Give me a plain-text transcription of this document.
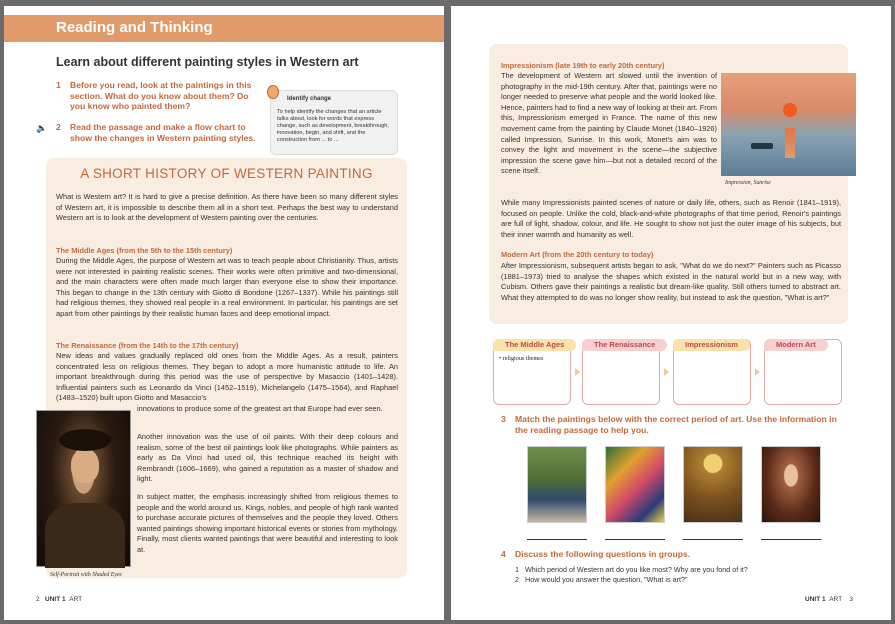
Reading and Thinking
Learn about different painting styles in Western art
1 Before you read, look at the paintings in this section. What do you know about them? Do you know who painted them?
🔈 2 Read the passage and make a flow chart to show the changes in Western painting styles.
Identify change
To help identify the changes that an article talks about, look for words that express change, such as development, breakthrough, innovation, begin, and shift, and the construction from ... to ...
A SHORT HISTORY OF WESTERN PAINTING
What is Western art? It is hard to give a precise definition. As there have been so many different styles of Western art, it is impossible to describe them all in a short text. Perhaps the best way to understand Western art is to look at the development of Western painting over the centuries.
The Middle Ages (from the 5th to the 15th century)
During the Middle Ages, the purpose of Western art was to teach people about Christianity. Thus, artists were not interested in painting realistic scenes. Their works were often primitive and two-dimensional, and the main characters were often made much larger than everyone else to show their importance. This began to change in the 13th century with Giotto di Bondone (1267–1337). While his paintings still had religious themes, they showed real people in a real environment. In particular, his paintings are set apart from other paintings by their realistic human faces and deep emotional impact.
The Renaissance (from the 14th to the 17th century)
New ideas and values gradually replaced old ones from the Middle Ages. As a result, painters concentrated less on religious themes. They began to adopt a more humanistic attitude to life. An important breakthrough during this period was the use of perspective by Masaccio (1401–1428). Influential painters such as Leonardo da Vinci (1452–1519), Michelangelo (1475–1564), and Raphael (1483–1520) built upon Giotto and Masaccio's
innovations to produce some of the greatest art that Europe had ever seen.
Another innovation was the use of oil paints. With their deep colours and realism, some of the best oil paintings look like photographs. While painters as early as Da Vinci had used oil, this technique reached its height with Rembrandt (1606–1669), who gained a reputation as a master of shadow and light.
In subject matter, the emphasis increasingly shifted from religious themes to people and the world around us. Kings, nobles, and people of high rank wanted to purchase accurate pictures of themselves and the people they loved. Others wanted paintings showing important historical events or stories from mythology. Finally, most clients wanted paintings that were beautiful and interesting to look at.
Self-Portrait with Shaded Eyes
2 UNIT 1 ART
Impressionism (late 19th to early 20th century)
The development of Western art slowed until the invention of photography in the mid-19th century. After that, paintings were no longer needed to preserve what people and the world looked like. Hence, painters had to find a new way of looking at their art. From this, Impressionism emerged in France. The name of this new movement came from the painting by Claude Monet (1840–1926) called Impression, Sunrise. In this work, Monet's aim was to convey the light and movement in the scene—the subjective impression the scene gave him—but not a detailed record of the scene itself.
Impression, Sunrise
While many Impressionists painted scenes of nature or daily life, others, such as Renoir (1841–1919), focused on people. Unlike the cold, black-and-white photographs of that time period, Renoir's paintings are full of light, shadow, colour, and life. He sought to show not just the outer image of his subjects, but their inner warmth and humanity as well.
Modern Art (from the 20th century to today)
After Impressionism, subsequent artists began to ask, "What do we do next?" Painters such as Picasso (1881–1973) tried to analyse the shapes which existed in the natural world but in a new way, with Cubism. Others gave their paintings a realistic but dream-like quality. Still others turned to abstract art. What they attempted to do was no longer show reality, but instead to ask the question, "What is art?"
The Middle Ages
• religious themes
The Renaissance	Impressionism	Modern Art
3 Match the paintings below with the correct period of art. Use the information in the reading passage to help you.
4 Discuss the following questions in groups.
1 Which period of Western art do you like most? Why are you fond of it?
2 How would you answer the question, "What is art?"
UNIT 1 ART 3
